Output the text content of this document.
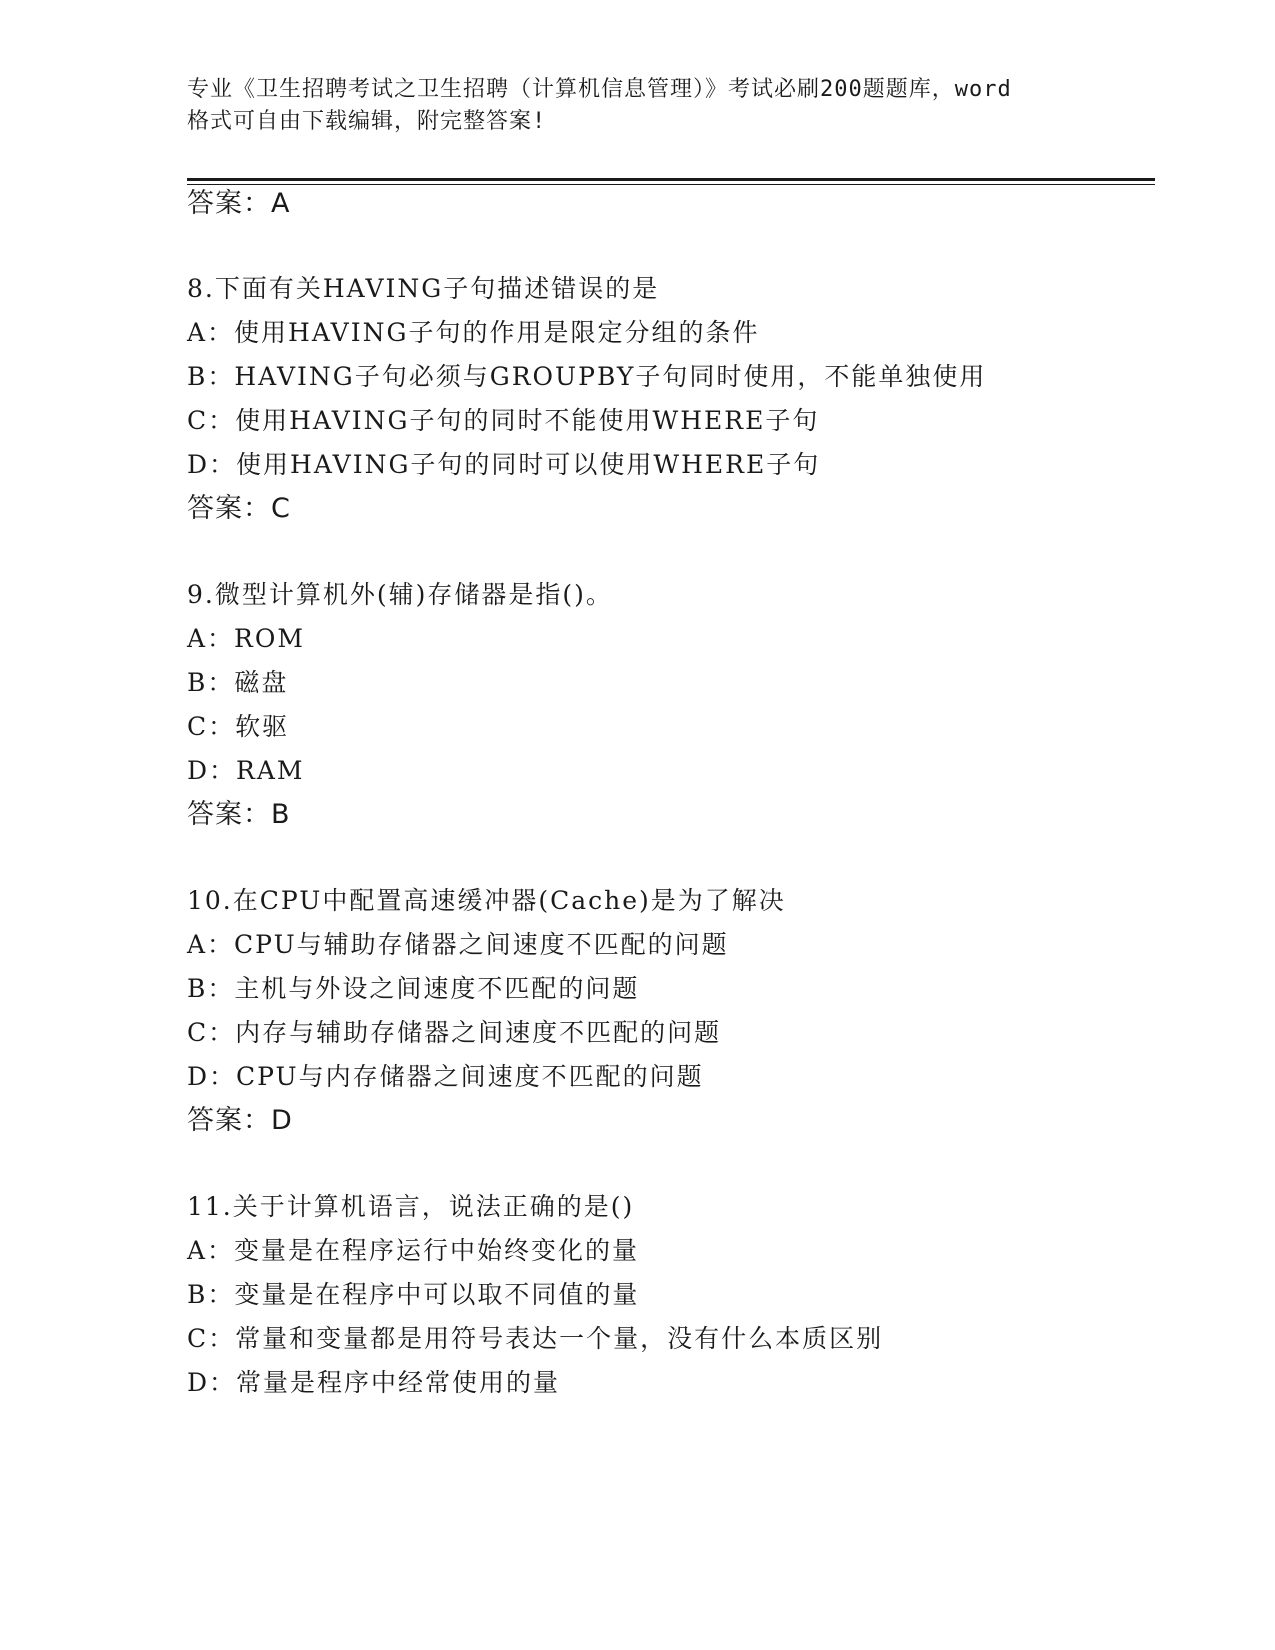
专业《卫生招聘考试之卫生招聘（计算机信息管理）》考试必刷200题题库，word
格式可自由下载编辑，附完整答案!
答案：A
8.下面有关HAVING子句描述错误的是
A：使用HAVING子句的作用是限定分组的条件
B：HAVING子句必须与GROUPBY子句同时使用，不能单独使用
C：使用HAVING子句的同时不能使用WHERE子句
D：使用HAVING子句的同时可以使用WHERE子句
答案：C
9.微型计算机外(辅)存储器是指()。
A：ROM
B：磁盘
C：软驱
D：RAM
答案：B
10.在CPU中配置高速缓冲器(Cache)是为了解决
A：CPU与辅助存储器之间速度不匹配的问题
B：主机与外设之间速度不匹配的问题
C：内存与辅助存储器之间速度不匹配的问题
D：CPU与内存储器之间速度不匹配的问题
答案：D
11.关于计算机语言，说法正确的是()
A：变量是在程序运行中始终变化的量
B：变量是在程序中可以取不同值的量
C：常量和变量都是用符号表达一个量，没有什么本质区别
D：常量是程序中经常使用的量
